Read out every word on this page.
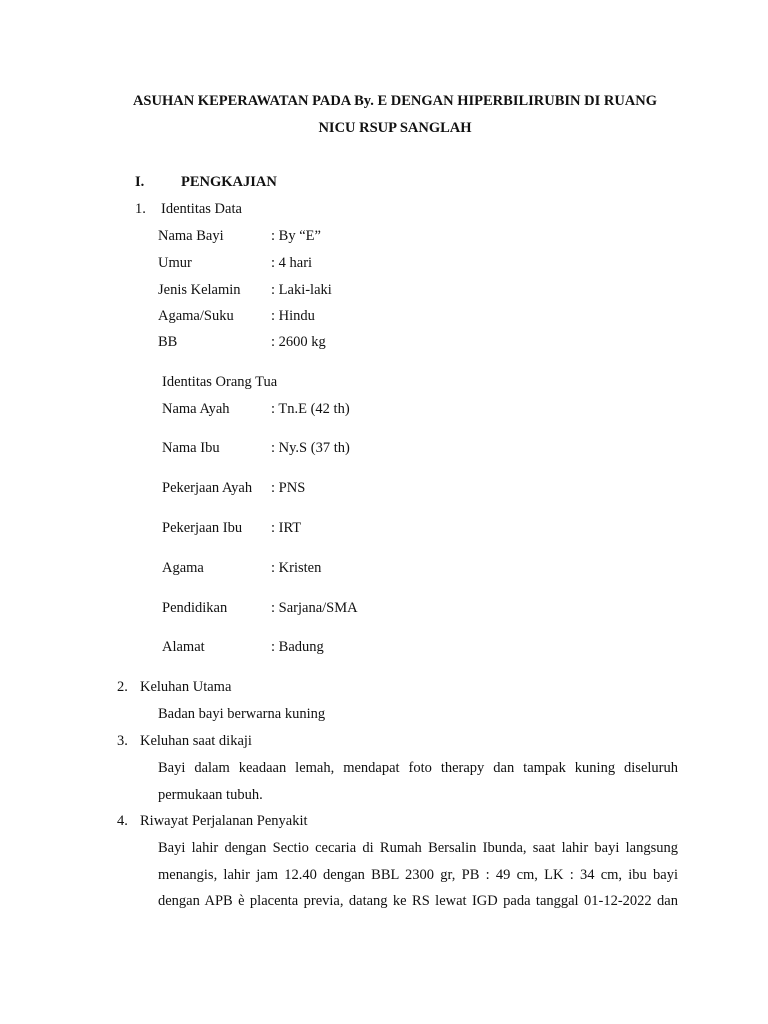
ASUHAN KEPERAWATAN PADA By. E DENGAN HIPERBILIRUBIN DI RUANG
NICU RSUP SANGLAH
I.	PENGKAJIAN
1. Identitas Data
Nama Bayi	: By “E”
Umur	: 4 hari
Jenis Kelamin : Laki-laki
Agama/Suku	: Hindu
BB	: 2600 kg
Identitas Orang Tua
Nama Ayah	: Tn.E (42 th)
Nama Ibu	: Ny.S (37 th)
Pekerjaan Ayah : PNS
Pekerjaan Ibu : IRT
Agama	: Kristen
Pendidikan	: Sarjana/SMA
Alamat	: Badung
2. Keluhan Utama
Badan bayi berwarna kuning
3. Keluhan saat dikaji
Bayi dalam keadaan lemah, mendapat foto therapy dan tampak kuning diseluruh
permukaan tubuh.
4. Riwayat Perjalanan Penyakit
Bayi lahir dengan Sectio cecaria di Rumah Bersalin Ibunda, saat lahir bayi langsung
menangis, lahir jam 12.40 dengan BBL 2300 gr, PB : 49 cm, LK : 34 cm, ibu bayi
dengan APB è placenta previa, datang ke RS lewat IGD pada tanggal 01-12-2022 dan
